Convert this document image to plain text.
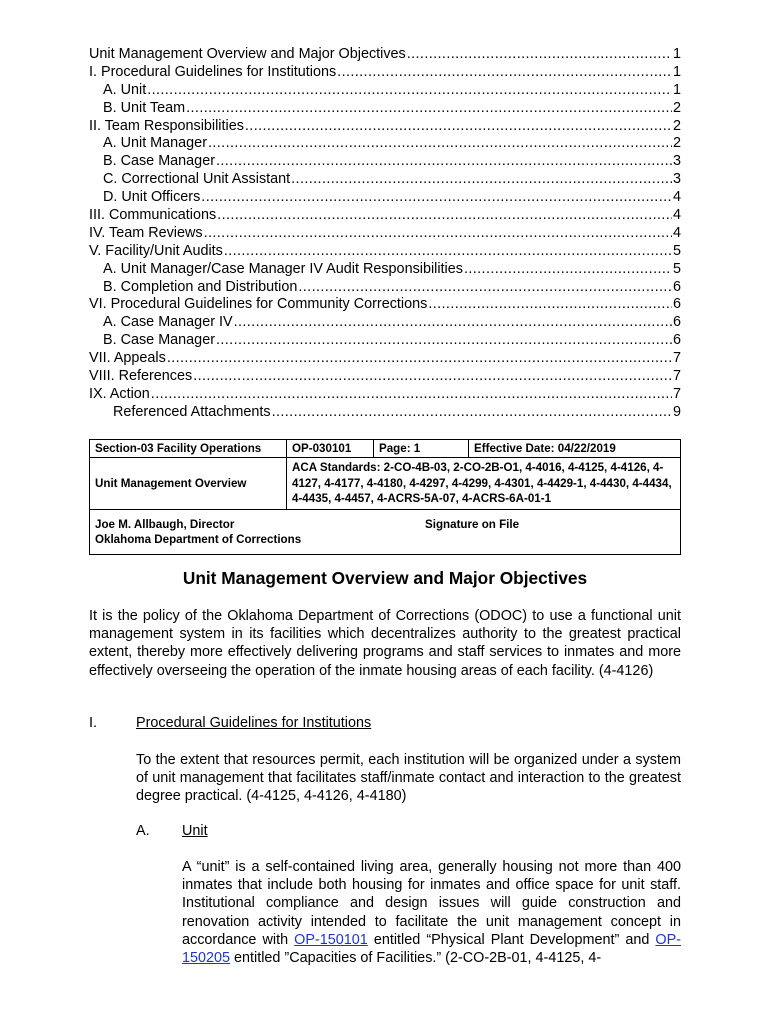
Unit Management Overview and Major Objectives .....	1
I. Procedural Guidelines for Institutions .....	1
A. Unit .....	1
B. Unit Team .....	2
II. Team Responsibilities .....	2
A. Unit Manager .....	2
B. Case Manager .....	3
C. Correctional Unit Assistant .....	3
D. Unit Officers .....	4
III. Communications .....	4
IV. Team Reviews .....	4
V. Facility/Unit Audits .....	5
A. Unit Manager/Case Manager IV Audit Responsibilities .....	5
B. Completion and Distribution .....	6
VI. Procedural Guidelines for Community Corrections .....	6
A. Case Manager IV .....	6
B. Case Manager .....	6
VII. Appeals .....	7
VIII. References .....	7
IX. Action .....	7
Referenced Attachments .....	9
Section-03 Facility Operations	OP-030101	Page: 1	Effective Date: 04/22/2019
Unit Management Overview	ACA Standards: 2-CO-4B-03, 2-CO-2B-O1, 4-4016, 4-4125, 4-4126, 4-4127, 4-4177, 4-4180, 4-4297, 4-4299, 4-4301, 4-4429-1, 4-4430, 4-4434, 4-4435, 4-4457, 4-ACRS-5A-07, 4-ACRS-6A-01-1		

Joe M. Allbaugh, Director
Oklahoma Department of Corrections
Signature on File			
Unit Management Overview and Major Objectives

It is the policy of the Oklahoma Department of Corrections (ODOC) to use a functional unit management system in its facilities which decentralizes authority to the greatest practical extent, thereby more effectively delivering programs and staff services to inmates and more effectively overseeing the operation of the inmate housing areas of each facility. (4-4126)

I.	Procedural Guidelines for Institutions

To the extent that resources permit, each institution will be organized under a system of unit management that facilitates staff/inmate contact and interaction to the greatest degree practical. (4-4125, 4-4126, 4-4180)

A. Unit

A “unit” is a self-contained living area, generally housing not more than 400 inmates that include both housing for inmates and office space for unit staff. Institutional compliance and design issues will guide construction and renovation activity intended to facilitate the unit management concept in accordance with OP-150101 entitled “Physical Plant Development” and OP-150205 entitled ”Capacities of Facilities.” (2-CO-2B-01, 4-4125, 4-
